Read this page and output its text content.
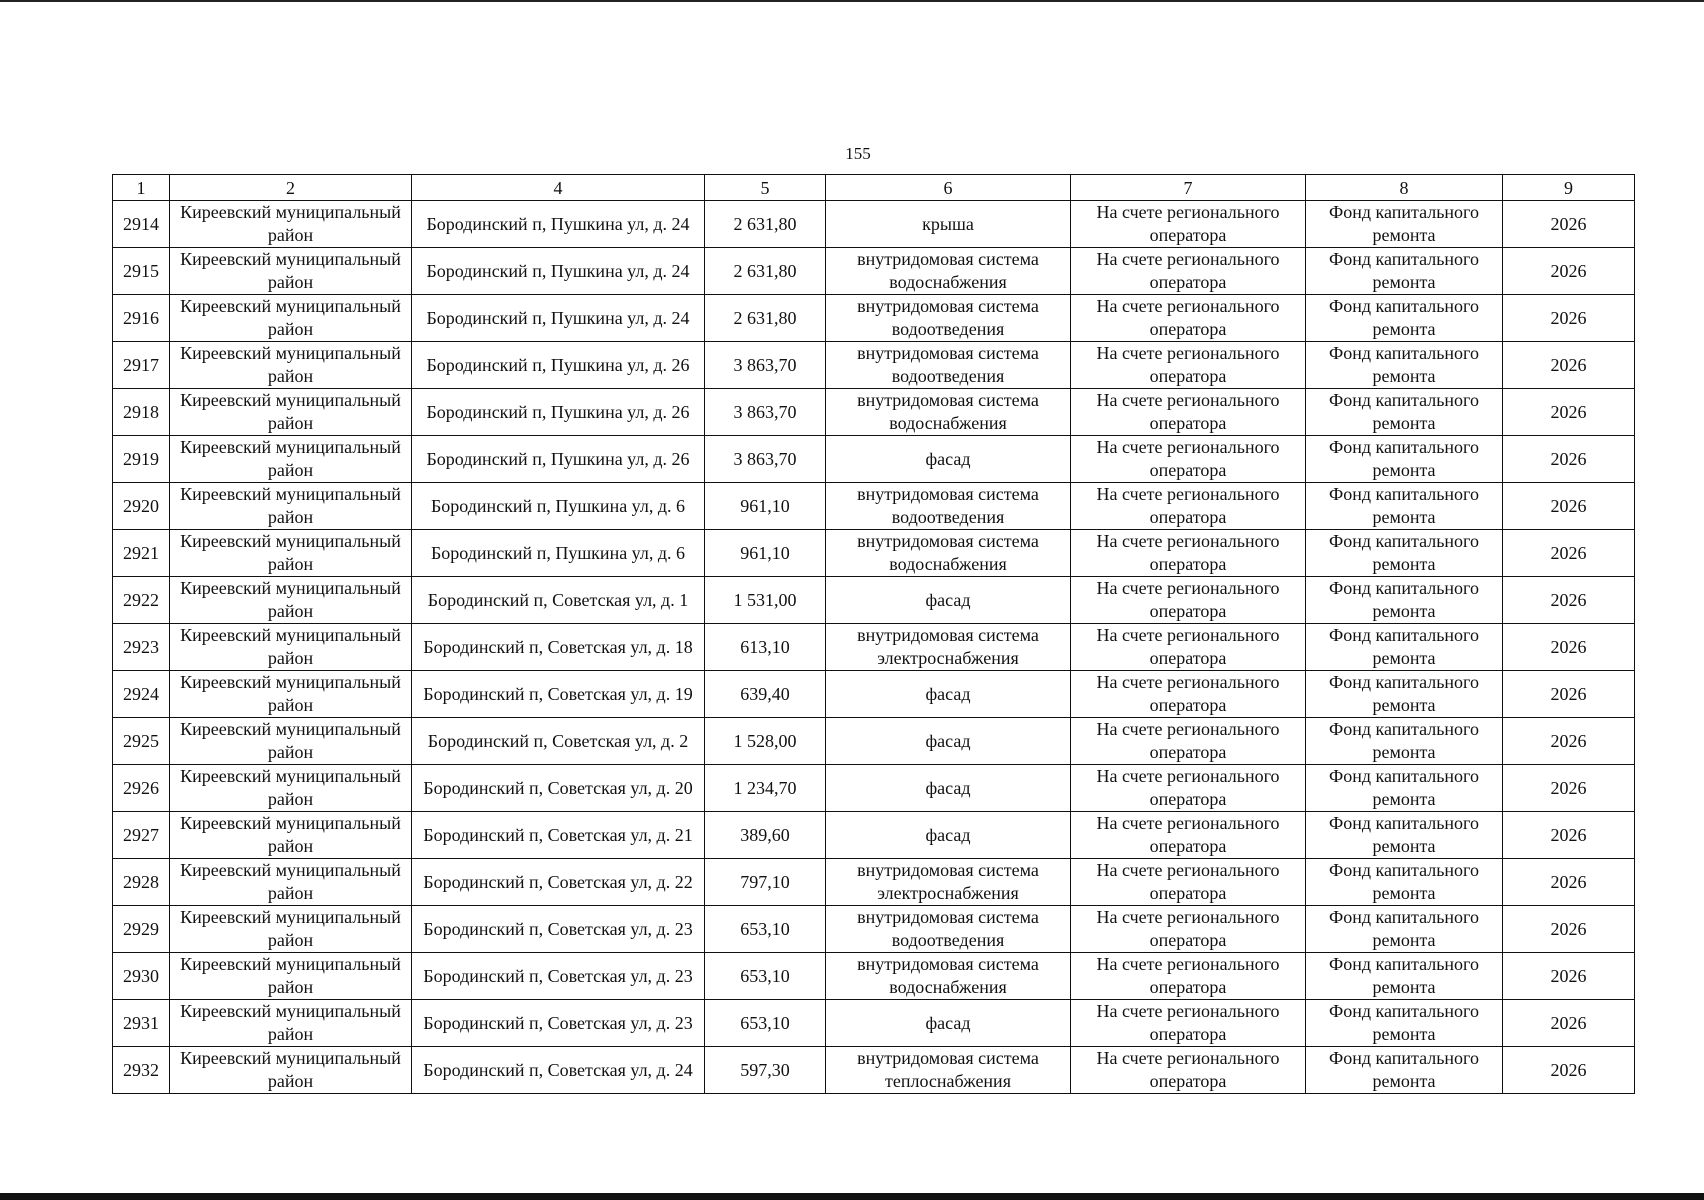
155
1	2	4	5	6	7	8	9
2914	Киреевский муниципальный район	Бородинский п, Пушкина ул, д. 24	2 631,80	крыша	На счете регионального оператора	Фонд капитального ремонта	2026
2915	Киреевский муниципальный район	Бородинский п, Пушкина ул, д. 24	2 631,80	внутридомовая система водоснабжения	На счете регионального оператора	Фонд капитального ремонта	2026
2916	Киреевский муниципальный район	Бородинский п, Пушкина ул, д. 24	2 631,80	внутридомовая система водоотведения	На счете регионального оператора	Фонд капитального ремонта	2026
2917	Киреевский муниципальный район	Бородинский п, Пушкина ул, д. 26	3 863,70	внутридомовая система водоотведения	На счете регионального оператора	Фонд капитального ремонта	2026
2918	Киреевский муниципальный район	Бородинский п, Пушкина ул, д. 26	3 863,70	внутридомовая система водоснабжения	На счете регионального оператора	Фонд капитального ремонта	2026
2919	Киреевский муниципальный район	Бородинский п, Пушкина ул, д. 26	3 863,70	фасад	На счете регионального оператора	Фонд капитального ремонта	2026
2920	Киреевский муниципальный район	Бородинский п, Пушкина ул, д. 6	961,10	внутридомовая система водоотведения	На счете регионального оператора	Фонд капитального ремонта	2026
2921	Киреевский муниципальный район	Бородинский п, Пушкина ул, д. 6	961,10	внутридомовая система водоснабжения	На счете регионального оператора	Фонд капитального ремонта	2026
2922	Киреевский муниципальный район	Бородинский п, Советская ул, д. 1	1 531,00	фасад	На счете регионального оператора	Фонд капитального ремонта	2026
2923	Киреевский муниципальный район	Бородинский п, Советская ул, д. 18	613,10	внутридомовая система электроснабжения	На счете регионального оператора	Фонд капитального ремонта	2026
2924	Киреевский муниципальный район	Бородинский п, Советская ул, д. 19	639,40	фасад	На счете регионального оператора	Фонд капитального ремонта	2026
2925	Киреевский муниципальный район	Бородинский п, Советская ул, д. 2	1 528,00	фасад	На счете регионального оператора	Фонд капитального ремонта	2026
2926	Киреевский муниципальный район	Бородинский п, Советская ул, д. 20	1 234,70	фасад	На счете регионального оператора	Фонд капитального ремонта	2026
2927	Киреевский муниципальный район	Бородинский п, Советская ул, д. 21	389,60	фасад	На счете регионального оператора	Фонд капитального ремонта	2026
2928	Киреевский муниципальный район	Бородинский п, Советская ул, д. 22	797,10	внутридомовая система электроснабжения	На счете регионального оператора	Фонд капитального ремонта	2026
2929	Киреевский муниципальный район	Бородинский п, Советская ул, д. 23	653,10	внутридомовая система водоотведения	На счете регионального оператора	Фонд капитального ремонта	2026
2930	Киреевский муниципальный район	Бородинский п, Советская ул, д. 23	653,10	внутридомовая система водоснабжения	На счете регионального оператора	Фонд капитального ремонта	2026
2931	Киреевский муниципальный район	Бородинский п, Советская ул, д. 23	653,10	фасад	На счете регионального оператора	Фонд капитального ремонта	2026
2932	Киреевский муниципальный район	Бородинский п, Советская ул, д. 24	597,30	внутридомовая система теплоснабжения	На счете регионального оператора	Фонд капитального ремонта	2026
